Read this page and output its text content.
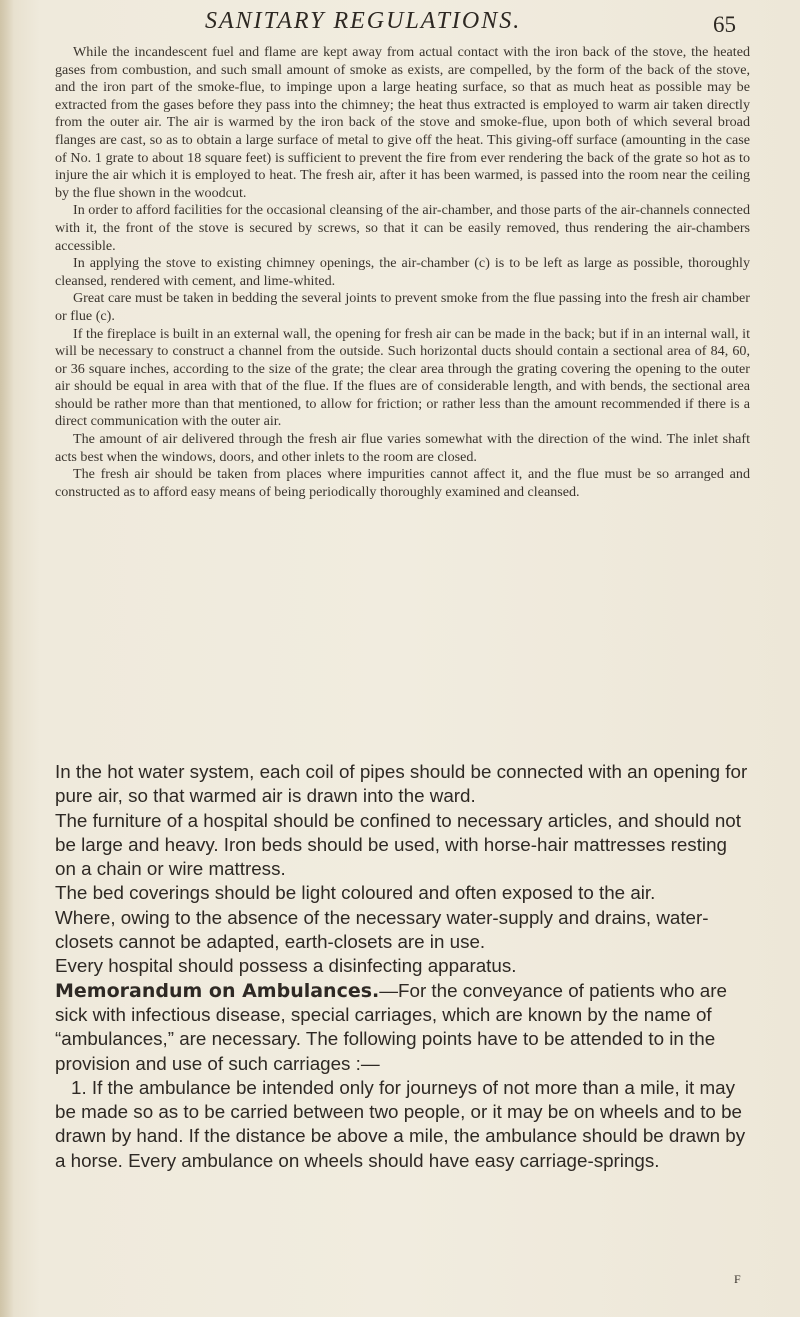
SANITARY REGULATIONS.	65

While the incandescent fuel and flame are kept away from actual contact with the iron back of the stove, the heated gases from combustion, and such small amount of smoke as exists, are compelled, by the form of the back of the stove, and the iron part of the smoke-flue, to impinge upon a large heating surface, so that as much heat as possible may be extracted from the gases before they pass into the chimney; the heat thus extracted is employed to warm air taken directly from the outer air. The air is warmed by the iron back of the stove and smoke-flue, upon both of which several broad flanges are cast, so as to obtain a large surface of metal to give off the heat. This giving-off surface (amounting in the case of No. 1 grate to about 18 square feet) is sufficient to prevent the fire from ever rendering the back of the grate so hot as to injure the air which it is employed to heat. The fresh air, after it has been warmed, is passed into the room near the ceiling by the flue shown in the woodcut.

In order to afford facilities for the occasional cleansing of the air-chamber, and those parts of the air-channels connected with it, the front of the stove is secured by screws, so that it can be easily removed, thus rendering the air-chambers accessible.

In applying the stove to existing chimney openings, the air-chamber (c) is to be left as large as possible, thoroughly cleansed, rendered with cement, and lime-whited.

Great care must be taken in bedding the several joints to prevent smoke from the flue passing into the fresh air chamber or flue (c).

If the fireplace is built in an external wall, the opening for fresh air can be made in the back; but if in an internal wall, it will be necessary to construct a channel from the outside. Such horizontal ducts should contain a sectional area of 84, 60, or 36 square inches, according to the size of the grate; the clear area through the grating covering the opening to the outer air should be equal in area with that of the flue. If the flues are of considerable length, and with bends, the sectional area should be rather more than that mentioned, to allow for friction; or rather less than the amount recommended if there is a direct communication with the outer air.

The amount of air delivered through the fresh air flue varies somewhat with the direction of the wind. The inlet shaft acts best when the windows, doors, and other inlets to the room are closed.

The fresh air should be taken from places where impurities cannot affect it, and the flue must be so arranged and constructed as to afford easy means of being periodically thoroughly examined and cleansed.

In the hot water system, each coil of pipes should be connected with an opening for pure air, so that warmed air is drawn into the ward.

The furniture of a hospital should be confined to necessary articles, and should not be large and heavy. Iron beds should be used, with horse-hair mattresses resting on a chain or wire mattress.

The bed coverings should be light coloured and often exposed to the air.

Where, owing to the absence of the necessary water-supply and drains, water-closets cannot be adapted, earth-closets are in use.

Every hospital should possess a disinfecting apparatus.

Memorandum on Ambulances.—For the conveyance of patients who are sick with infectious disease, special carriages, which are known by the name of “ambulances,” are necessary. The following points have to be attended to in the provision and use of such carriages :—

1. If the ambulance be intended only for journeys of not more than a mile, it may be made so as to be carried between two people, or it may be on wheels and to be drawn by hand. If the distance be above a mile, the ambulance should be drawn by a horse. Every ambulance on wheels should have easy carriage-springs.

F
